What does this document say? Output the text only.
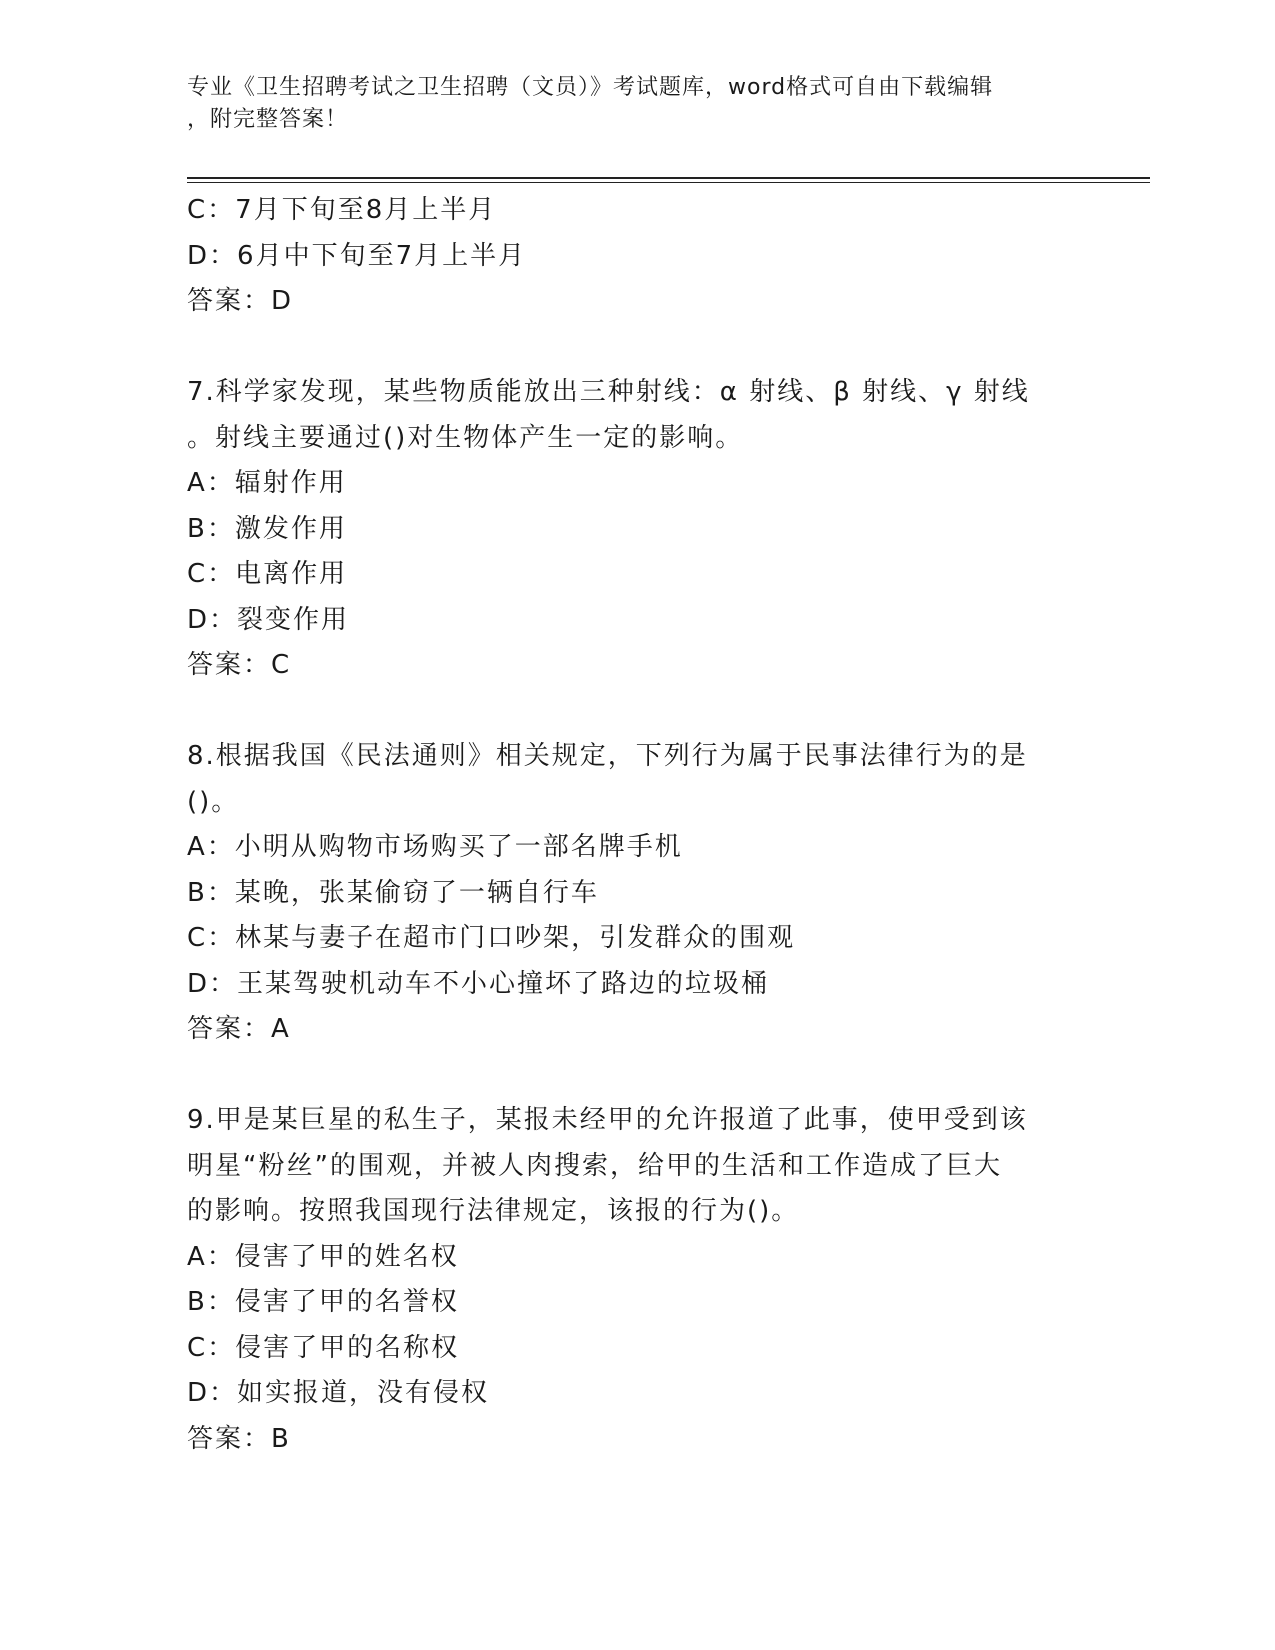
专业《卫生招聘考试之卫生招聘（文员）》考试题库，word格式可自由下载编辑
，附完整答案！
C：7月下旬至8月上半月
D：6月中下旬至7月上半月
答案：D
7.科学家发现，某些物质能放出三种射线：α 射线、β 射线、γ 射线
。射线主要通过()对生物体产生一定的影响。
A：辐射作用
B：激发作用
C：电离作用
D：裂变作用
答案：C
8.根据我国《民法通则》相关规定，下列行为属于民事法律行为的是
()。
A：小明从购物市场购买了一部名牌手机
B：某晚，张某偷窃了一辆自行车
C：林某与妻子在超市门口吵架，引发群众的围观
D：王某驾驶机动车不小心撞坏了路边的垃圾桶
答案：A
9.甲是某巨星的私生子，某报未经甲的允许报道了此事，使甲受到该
明星“粉丝”的围观，并被人肉搜索，给甲的生活和工作造成了巨大
的影响。按照我国现行法律规定，该报的行为()。
A：侵害了甲的姓名权
B：侵害了甲的名誉权
C：侵害了甲的名称权
D：如实报道，没有侵权
答案：B
